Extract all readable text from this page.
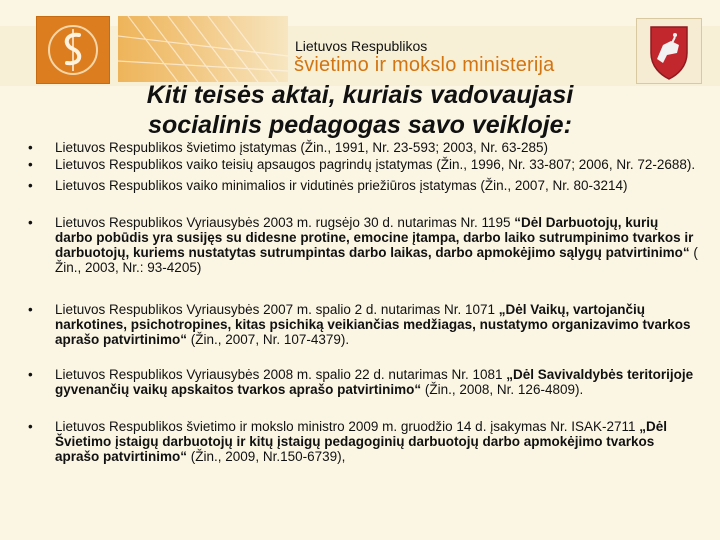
Lietuvos Respublikos
švietimo ir mokslo ministerija
Kiti teisės aktai, kuriais vadovaujasi
socialinis pedagogas savo veikloje:
• Lietuvos Respublikos švietimo įstatymas (Žin., 1991, Nr. 23-593; 2003, Nr. 63-285)
• Lietuvos Respublikos vaiko teisių apsaugos pagrindų įstatymas (Žin., 1996, Nr. 33-807; 2006, Nr. 72-2688).
• Lietuvos Respublikos vaiko minimalios ir vidutinės priežiūros įstatymas (Žin., 2007, Nr. 80-3214)
• Lietuvos Respublikos Vyriausybės 2003 m. rugsėjo 30 d. nutarimas Nr. 1195 “Dėl Darbuotojų, kurių darbo pobūdis yra susijęs su didesne protine, emocine įtampa, darbo laiko sutrumpinimo tvarkos ir darbuotojų, kuriems nustatytas sutrumpintas darbo laikas, darbo apmokėjimo sąlygų patvirtinimo“ ( Žin., 2003, Nr.: 93-4205)
• Lietuvos Respublikos Vyriausybės 2007 m. spalio 2 d. nutarimas Nr. 1071 „Dėl Vaikų, vartojančių narkotines, psichotropines, kitas psichiką veikiančias medžiagas, nustatymo organizavimo tvarkos aprašo patvirtinimo“ (Žin., 2007, Nr. 107-4379).
• Lietuvos Respublikos Vyriausybės 2008 m. spalio 22 d. nutarimas Nr. 1081 „Dėl Savivaldybės teritorijoje gyvenančių vaikų apskaitos tvarkos aprašo patvirtinimo“ (Žin., 2008, Nr. 126-4809).
• Lietuvos Respublikos švietimo ir mokslo ministro 2009 m. gruodžio 14 d. įsakymas Nr. ISAK-2711 „Dėl Švietimo įstaigų darbuotojų ir kitų įstaigų pedagoginių darbuotojų darbo apmokėjimo tvarkos aprašo patvirtinimo“ (Žin., 2009, Nr.150-6739),
